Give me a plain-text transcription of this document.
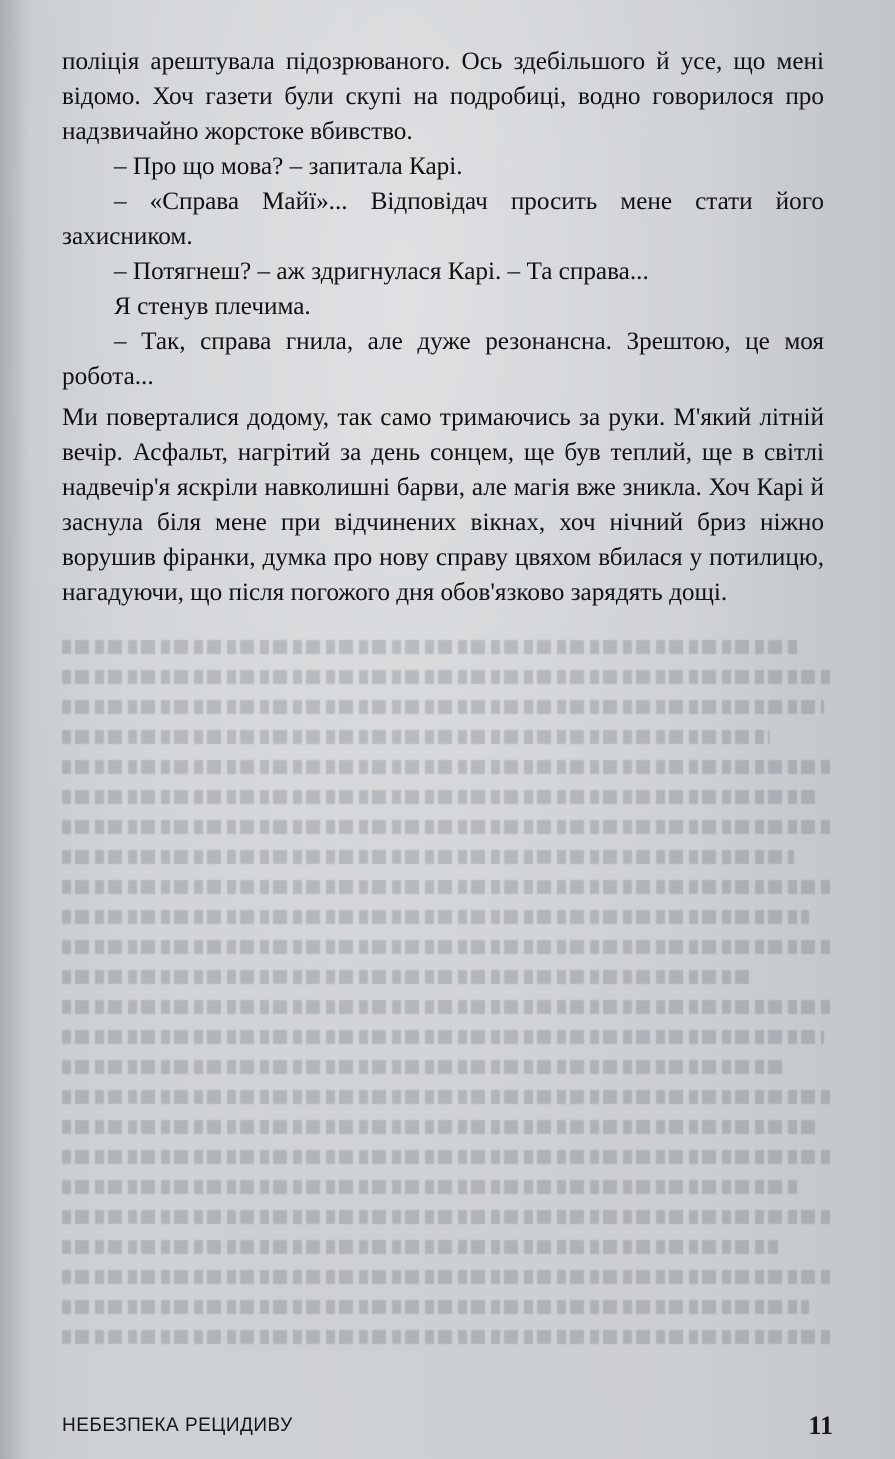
поліція арештувала підозрюваного. Ось здебільшого й усе, що мені відомо. Хоч газети були скупі на подробиці, водно говорилося про надзвичайно жорстоке вбивство.

– Про що мова? – запитала Карі.

– «Справа Майї»... Відповідач просить мене стати його захисником.

– Потягнеш? – аж здригнулася Карі. – Та справа...

Я стенув плечима.

– Так, справа гнила, але дуже резонансна. Зрештою, це моя робота...

Ми поверталися додому, так само тримаючись за руки. М'який літній вечір. Асфальт, нагрітий за день сонцем, ще був теплий, ще в світлі надвечір'я яскріли навколишні барви, але магія вже зникла. Хоч Карі й заснула біля мене при відчинених вікнах, хоч нічний бриз ніжно ворушив фіранки, думка про нову справу цвяхом вбилася у потилицю, нагадуючи, що після погожого дня обов'язково зарядять дощі.

НЕБЕЗПЕКА РЕЦИДИВУ	11
